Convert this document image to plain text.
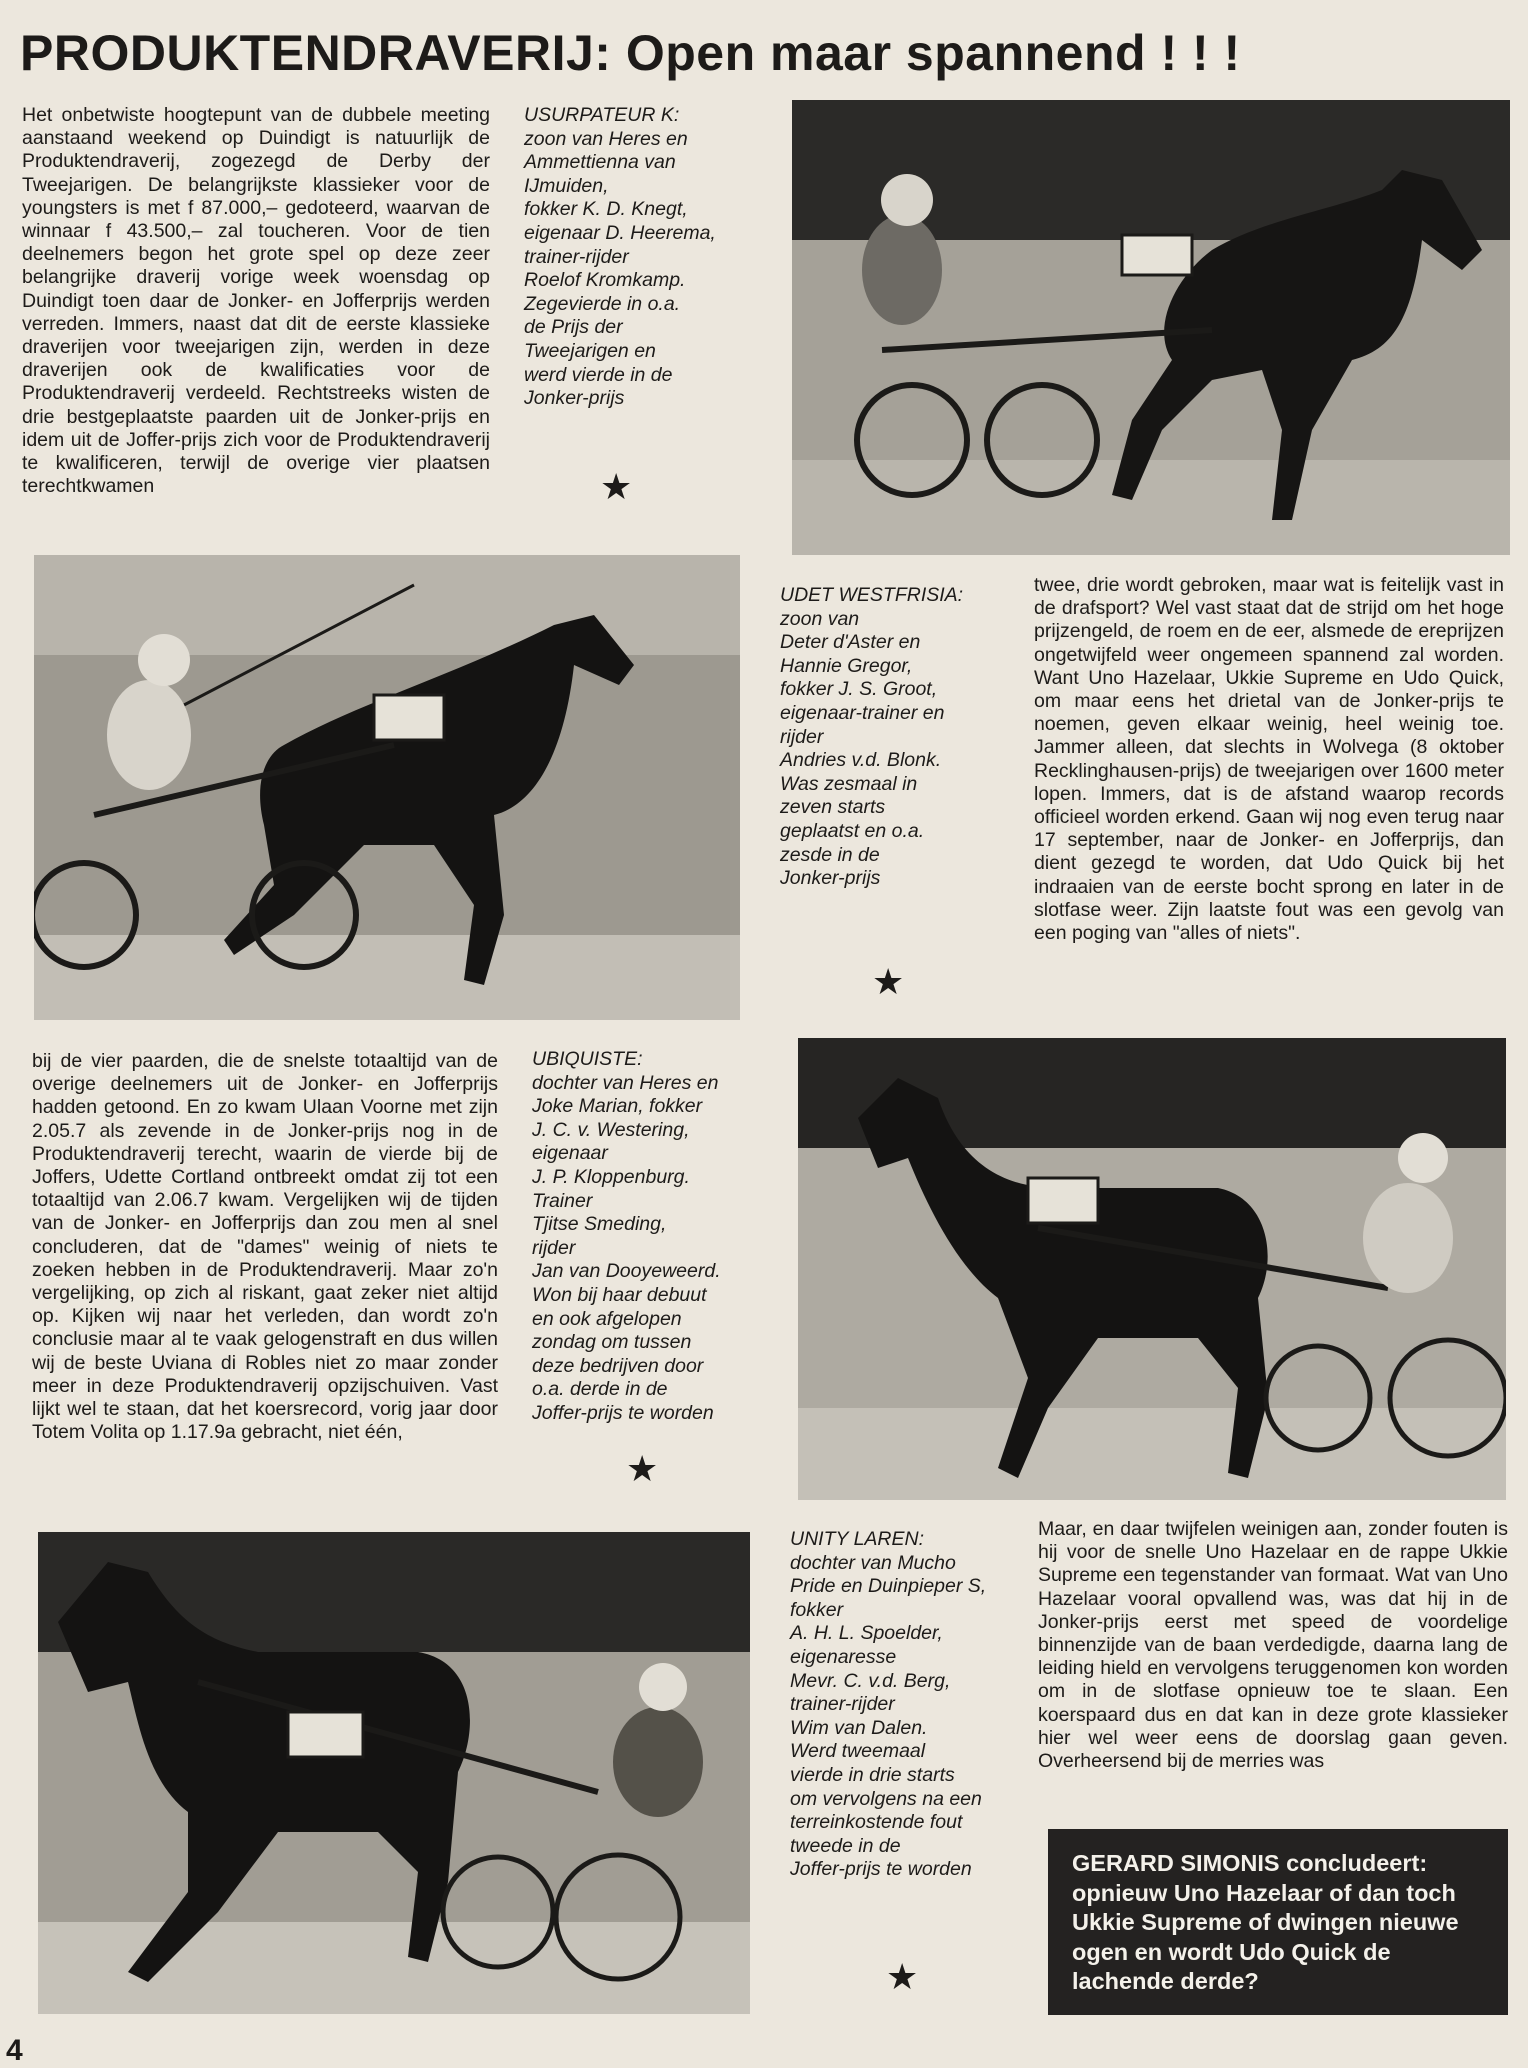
PRODUKTENDRAVERIJ: Open maar spannend ! ! !

Het onbetwiste hoogtepunt van de dubbele meeting aanstaand weekend op Duindigt is natuurlijk de Produktendraverij, zogezegd de Derby der Tweejarigen. De belangrijkste klassieker voor de youngsters is met f 87.000,– gedoteerd, waarvan de winnaar f 43.500,– zal toucheren. Voor de tien deelnemers begon het grote spel op deze zeer belangrijke draverij vorige week woensdag op Duindigt toen daar de Jonker- en Jofferprijs werden verreden. Immers, naast dat dit de eerste klassieke draverijen voor tweejarigen zijn, werden in deze draverijen ook de kwalificaties voor de Produktendraverij verdeeld. Rechtstreeks wisten de drie bestgeplaatste paarden uit de Jonker-prijs en idem uit de Joffer-prijs zich voor de Produktendraverij te kwalificeren, terwijl de overige vier plaatsen terechtkwamen

USURPATEUR K:

zoon van Heres en

Ammettienna van

IJmuiden,

fokker K. D. Knegt,

eigenaar D. Heerema,

trainer-rijder

Roelof Kromkamp.

Zegevierde in o.a.

de Prijs der

Tweejarigen en

werd vierde in de

Jonker-prijs

★

UDET WESTFRISIA:

zoon van

Deter d'Aster en

Hannie Gregor,

fokker J. S. Groot,

eigenaar-trainer en

rijder

Andries v.d. Blonk.

Was zesmaal in

zeven starts

geplaatst en o.a.

zesde in de

Jonker-prijs

★

twee, drie wordt gebroken, maar wat is feitelijk vast in de drafsport? Wel vast staat dat de strijd om het hoge prijzengeld, de roem en de eer, alsmede de ereprijzen ongetwijfeld weer ongemeen spannend zal worden. Want Uno Hazelaar, Ukkie Supreme en Udo Quick, om maar eens het drietal van de Jonker-prijs te noemen, geven elkaar weinig, heel weinig toe. Jammer alleen, dat slechts in Wolvega (8 oktober Recklinghausen-prijs) de tweejarigen over 1600 meter lopen. Immers, dat is de afstand waarop records officieel worden erkend. Gaan wij nog even terug naar 17 september, naar de Jonker- en Jofferprijs, dan dient gezegd te worden, dat Udo Quick bij het indraaien van de eerste bocht sprong en later in de slotfase weer. Zijn laatste fout was een gevolg van een poging van "alles of niets".

bij de vier paarden, die de snelste totaaltijd van de overige deelnemers uit de Jonker- en Jofferprijs hadden getoond. En zo kwam Ulaan Voorne met zijn 2.05.7 als zevende in de Jonker-prijs nog in de Produktendraverij terecht, waarin de vierde bij de Joffers, Udette Cortland ontbreekt omdat zij tot een totaaltijd van 2.06.7 kwam. Vergelijken wij de tijden van de Jonker- en Jofferprijs dan zou men al snel concluderen, dat de "dames" weinig of niets te zoeken hebben in de Produktendraverij. Maar zo'n vergelijking, op zich al riskant, gaat zeker niet altijd op. Kijken wij naar het verleden, dan wordt zo'n conclusie maar al te vaak gelogenstraft en dus willen wij de beste Uviana di Robles niet zo maar zonder meer in deze Produktendraverij opzijschuiven. Vast lijkt wel te staan, dat het koersrecord, vorig jaar door Totem Volita op 1.17.9a gebracht, niet één,

UBIQUISTE:

dochter van Heres en

Joke Marian, fokker

J. C. v. Westering,

eigenaar

J. P. Kloppenburg.

Trainer

Tjitse Smeding,

rijder

Jan van Dooyeweerd.

Won bij haar debuut

en ook afgelopen

zondag om tussen

deze bedrijven door

o.a. derde in de

Joffer-prijs te worden

★

UNITY LAREN:

dochter van Mucho

Pride en Duinpieper S,

fokker

A. H. L. Spoelder,

eigenaresse

Mevr. C. v.d. Berg,

trainer-rijder

Wim van Dalen.

Werd tweemaal

vierde in drie starts

om vervolgens na een

terreinkostende fout

tweede in de

Joffer-prijs te worden

★

Maar, en daar twijfelen weinigen aan, zonder fouten is hij voor de snelle Uno Hazelaar en de rappe Ukkie Supreme een tegenstander van formaat. Wat van Uno Hazelaar vooral opvallend was, was dat hij in de Jonker-prijs eerst met speed de voordelige binnenzijde van de baan verdedigde, daarna lang de leiding hield en vervolgens teruggenomen kon worden om in de slotfase opnieuw toe te slaan. Een koerspaard dus en dat kan in deze grote klassieker hier wel weer eens de doorslag gaan geven. Overheersend bij de merries was

GERARD SIMONIS concludeert: opnieuw Uno Hazelaar of dan toch Ukkie Supreme of dwingen nieuwe ogen en wordt Udo Quick de lachende derde?
4
